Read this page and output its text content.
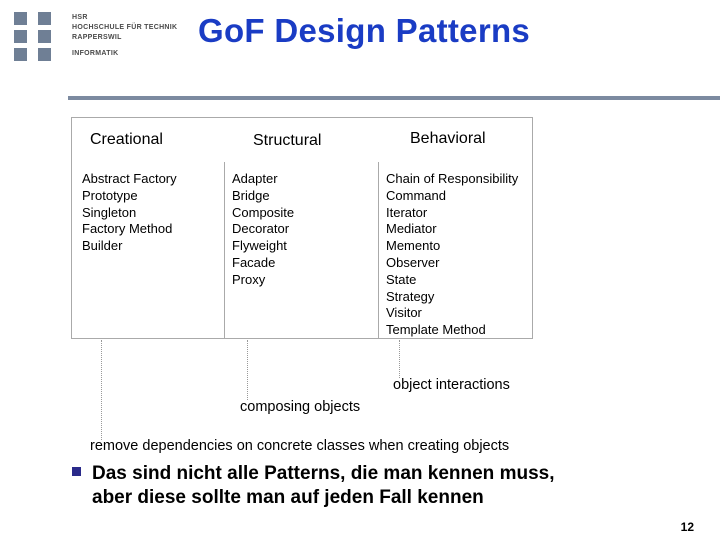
HSR
HOCHSCHULE FÜR TECHNIK
RAPPERSWIL
INFORMATIK
GoF Design Patterns
Creational	Structural	Behavioral
Abstract Factory
Prototype
Singleton
Factory Method
Builder
Adapter
Bridge
Composite
Decorator
Flyweight
Facade
Proxy
Chain of Responsibility
Command
Iterator
Mediator
Memento
Observer
State
Strategy
Visitor
Template Method
object interactions
composing objects
remove dependencies on concrete classes when creating objects
Das sind nicht alle Patterns, die man kennen muss,
aber diese sollte man auf jeden Fall kennen
12
